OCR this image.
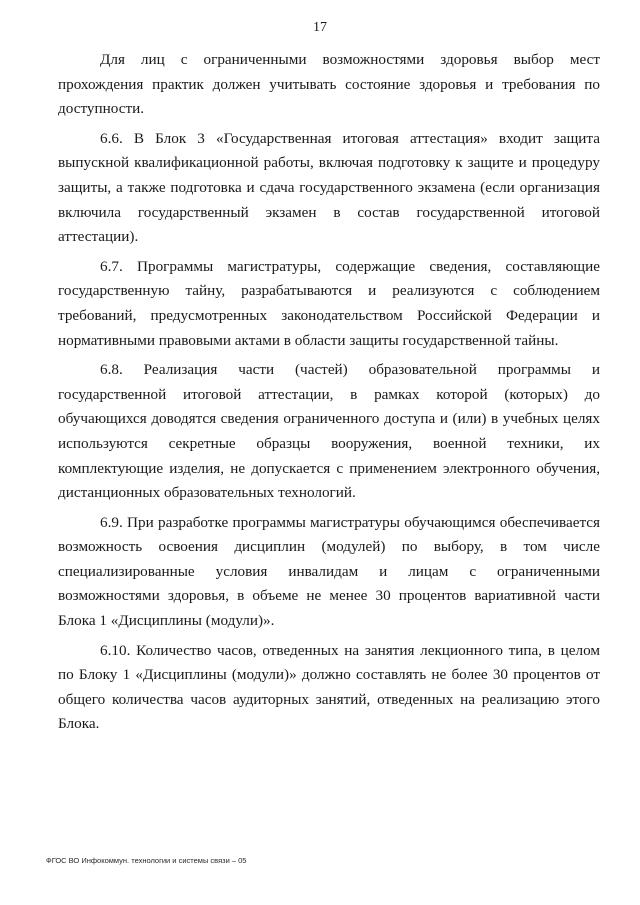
17

Для лиц с ограниченными возможностями здоровья выбор мест прохождения практик должен учитывать состояние здоровья и требования по доступности.

6.6. В Блок 3 «Государственная итоговая аттестация» входит защита выпускной квалификационной работы, включая подготовку к защите и процедуру защиты, а также подготовка и сдача государственного экзамена (если организация включила государственный экзамен в состав государственной итоговой аттестации).

6.7. Программы магистратуры, содержащие сведения, составляющие государственную тайну, разрабатываются и реализуются с соблюдением требований, предусмотренных законодательством Российской Федерации и нормативными правовыми актами в области защиты государственной тайны.

6.8. Реализация части (частей) образовательной программы и государственной итоговой аттестации, в рамках которой (которых) до обучающихся доводятся сведения ограниченного доступа и (или) в учебных целях используются секретные образцы вооружения, военной техники, их комплектующие изделия, не допускается с применением электронного обучения, дистанционных образовательных технологий.

6.9. При разработке программы магистратуры обучающимся обеспечивается возможность освоения дисциплин (модулей) по выбору, в том числе специализированные условия инвалидам и лицам с ограниченными возможностями здоровья, в объеме не менее 30 процентов вариативной части Блока 1 «Дисциплины (модули)».

6.10. Количество часов, отведенных на занятия лекционного типа, в целом по Блоку 1 «Дисциплины (модули)» должно составлять не более 30 процентов от общего количества часов аудиторных занятий, отведенных на реализацию этого Блока.

ФГОС ВО Инфокоммун. технологии и системы связи – 05
